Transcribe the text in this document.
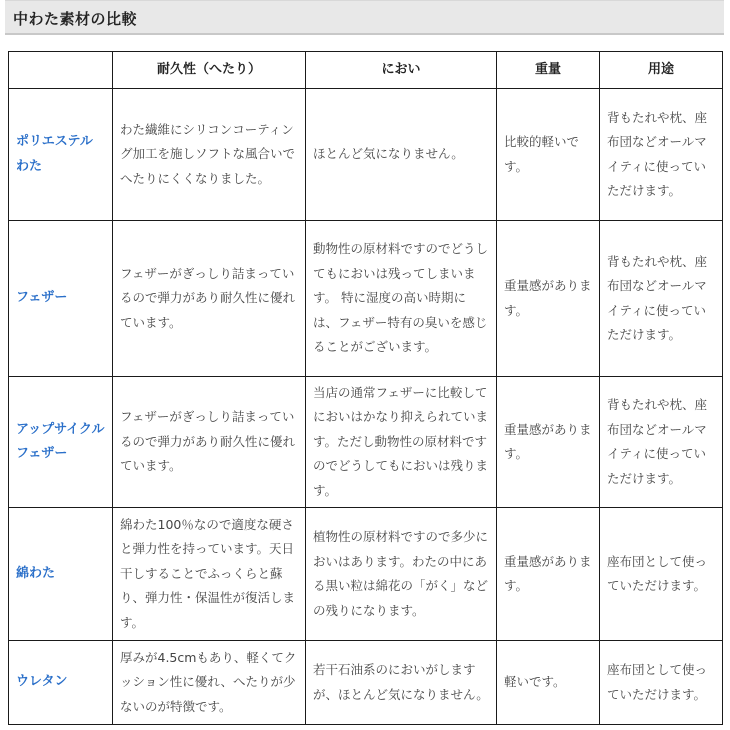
中わた素材の比較
	耐久性（へたり）	におい	重量	用途
ポリエステルわた	わた繊維にシリコンコーティング加工を施しソフトな風合いでへたりにくくなりました。	ほとんど気になりません。	比較的軽いです。	背もたれや枕、座布団などオールマイティに使っていただけます。
フェザー	フェザーがぎっしり詰まっているので弾力があり耐久性に優れています。	動物性の原材料ですのでどうしてもにおいは残ってしまいます。 特に湿度の高い時期には、フェザー特有の臭いを感じることがございます。	重量感があります。	背もたれや枕、座布団などオールマイティに使っていただけます。
アップサイクルフェザー	フェザーがぎっしり詰まっているので弾力があり耐久性に優れています。	当店の通常フェザーに比較してにおいはかなり抑えられています。ただし動物性の原材料ですのでどうしてもにおいは残ります。	重量感があります。	背もたれや枕、座布団などオールマイティに使っていただけます。
綿わた	綿わた100％なので適度な硬さと弾力性を持っています。天日干しすることでふっくらと蘇り、弾力性・保温性が復活します。	植物性の原材料ですので多少においはあります。わたの中にある黒い粒は綿花の「がく」などの残りになります。	重量感があります。	座布団として使っていただけます。
ウレタン	厚みが4.5cmもあり、軽くてクッション性に優れ、へたりが少ないのが特徴です。	若干石油系のにおいがしますが、ほとんど気になりません。	軽いです。	座布団として使っていただけます。
